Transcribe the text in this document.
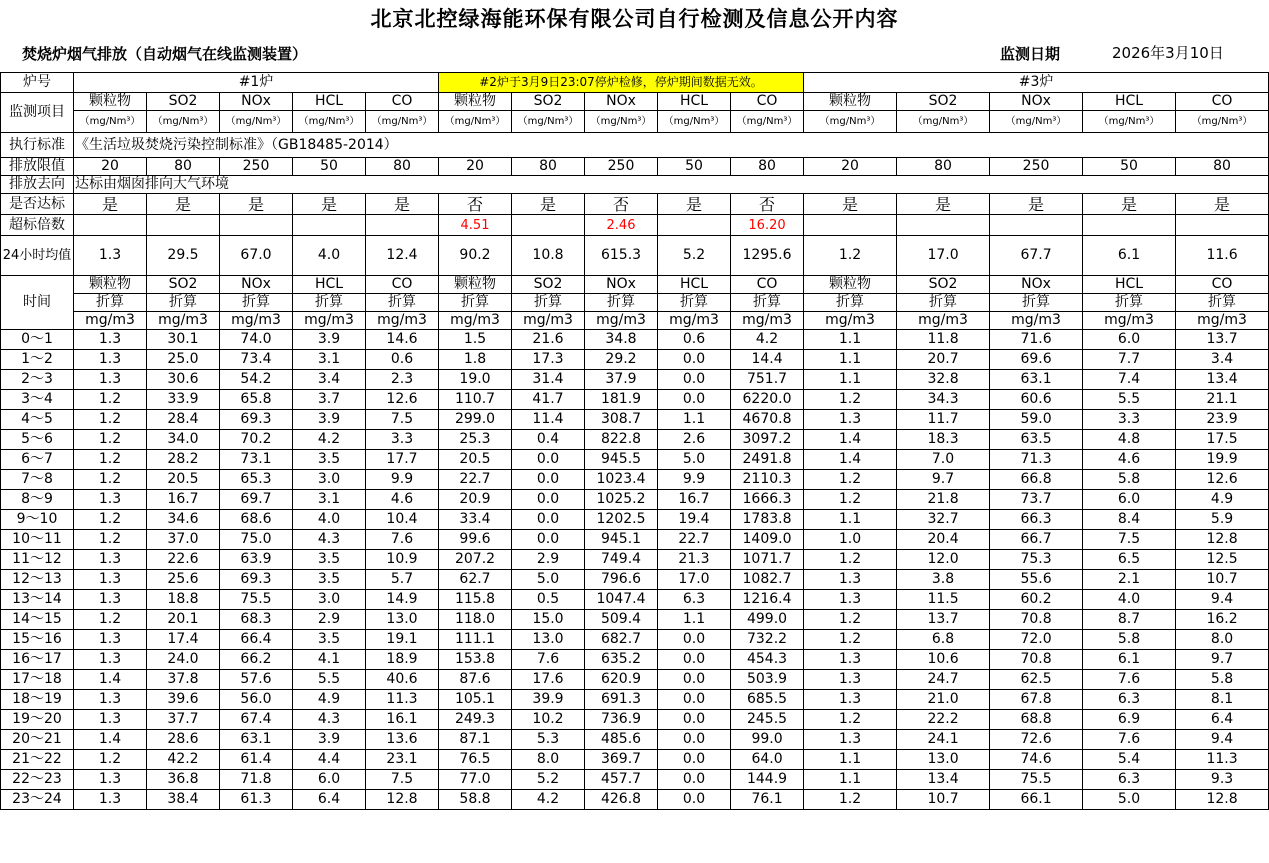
北京北控绿海能环保有限公司自行检测及信息公开内容
焚烧炉烟气排放（自动烟气在线监测装置）	监测日期	2026年3月10日
炉号	#1炉					#2炉于3月9日23:07停炉检修，停炉期间数据无效。					#3炉				
监测项目	颗粒物	SO2	NOx	HCL	CO	颗粒物	SO2	NOx	HCL	CO	颗粒物	SO2	NOx	HCL	CO
	（mg/Nm³）	（mg/Nm³）	（mg/Nm³）	（mg/Nm³）	（mg/Nm³）	（mg/Nm³）	（mg/Nm³）	（mg/Nm³）	（mg/Nm³）	（mg/Nm³）	（mg/Nm³）	（mg/Nm³）	（mg/Nm³）	（mg/Nm³）	（mg/Nm³）
执行标准	《生活垃圾焚烧污染控制标准》（GB18485-2014）														
排放限值	20	80	250	50	80	20	80	250	50	80	20	80	250	50	80
排放去向	达标由烟囱排向大气环境														
是否达标	是	是	是	是	是	否	是	否	是	否	是	是	是	是	是
超标倍数						4.51		2.46		16.20					
24小时均值	1.3	29.5	67.0	4.0	12.4	90.2	10.8	615.3	5.2	1295.6	1.2	17.0	67.7	6.1	11.6
时间	颗粒物	SO2	NOx	HCL	CO	颗粒物	SO2	NOx	HCL	CO	颗粒物	SO2	NOx	HCL	CO
	折算	折算	折算	折算	折算	折算	折算	折算	折算	折算	折算	折算	折算	折算	折算
	mg/m3	mg/m3	mg/m3	mg/m3	mg/m3	mg/m3	mg/m3	mg/m3	mg/m3	mg/m3	mg/m3	mg/m3	mg/m3	mg/m3	mg/m3
0～1	1.3	30.1	74.0	3.9	14.6	1.5	21.6	34.8	0.6	4.2	1.1	11.8	71.6	6.0	13.7
1～2	1.3	25.0	73.4	3.1	0.6	1.8	17.3	29.2	0.0	14.4	1.1	20.7	69.6	7.7	3.4
2～3	1.3	30.6	54.2	3.4	2.3	19.0	31.4	37.9	0.0	751.7	1.1	32.8	63.1	7.4	13.4
3～4	1.2	33.9	65.8	3.7	12.6	110.7	41.7	181.9	0.0	6220.0	1.2	34.3	60.6	5.5	21.1
4～5	1.2	28.4	69.3	3.9	7.5	299.0	11.4	308.7	1.1	4670.8	1.3	11.7	59.0	3.3	23.9
5～6	1.2	34.0	70.2	4.2	3.3	25.3	0.4	822.8	2.6	3097.2	1.4	18.3	63.5	4.8	17.5
6～7	1.2	28.2	73.1	3.5	17.7	20.5	0.0	945.5	5.0	2491.8	1.4	7.0	71.3	4.6	19.9
7～8	1.2	20.5	65.3	3.0	9.9	22.7	0.0	1023.4	9.9	2110.3	1.2	9.7	66.8	5.8	12.6
8～9	1.3	16.7	69.7	3.1	4.6	20.9	0.0	1025.2	16.7	1666.3	1.2	21.8	73.7	6.0	4.9
9～10	1.2	34.6	68.6	4.0	10.4	33.4	0.0	1202.5	19.4	1783.8	1.1	32.7	66.3	8.4	5.9
10～11	1.2	37.0	75.0	4.3	7.6	99.6	0.0	945.1	22.7	1409.0	1.0	20.4	66.7	7.5	12.8
11～12	1.3	22.6	63.9	3.5	10.9	207.2	2.9	749.4	21.3	1071.7	1.2	12.0	75.3	6.5	12.5
12～13	1.3	25.6	69.3	3.5	5.7	62.7	5.0	796.6	17.0	1082.7	1.3	3.8	55.6	2.1	10.7
13～14	1.3	18.8	75.5	3.0	14.9	115.8	0.5	1047.4	6.3	1216.4	1.3	11.5	60.2	4.0	9.4
14～15	1.2	20.1	68.3	2.9	13.0	118.0	15.0	509.4	1.1	499.0	1.2	13.7	70.8	8.7	16.2
15～16	1.3	17.4	66.4	3.5	19.1	111.1	13.0	682.7	0.0	732.2	1.2	6.8	72.0	5.8	8.0
16～17	1.3	24.0	66.2	4.1	18.9	153.8	7.6	635.2	0.0	454.3	1.3	10.6	70.8	6.1	9.7
17～18	1.4	37.8	57.6	5.5	40.6	87.6	17.6	620.9	0.0	503.9	1.3	24.7	62.5	7.6	5.8
18～19	1.3	39.6	56.0	4.9	11.3	105.1	39.9	691.3	0.0	685.5	1.3	21.0	67.8	6.3	8.1
19～20	1.3	37.7	67.4	4.3	16.1	249.3	10.2	736.9	0.0	245.5	1.2	22.2	68.8	6.9	6.4
20～21	1.4	28.6	63.1	3.9	13.6	87.1	5.3	485.6	0.0	99.0	1.3	24.1	72.6	7.6	9.4
21～22	1.2	42.2	61.4	4.4	23.1	76.5	8.0	369.7	0.0	64.0	1.1	13.0	74.6	5.4	11.3
22～23	1.3	36.8	71.8	6.0	7.5	77.0	5.2	457.7	0.0	144.9	1.1	13.4	75.5	6.3	9.3
23～24	1.3	38.4	61.3	6.4	12.8	58.8	4.2	426.8	0.0	76.1	1.2	10.7	66.1	5.0	12.8
